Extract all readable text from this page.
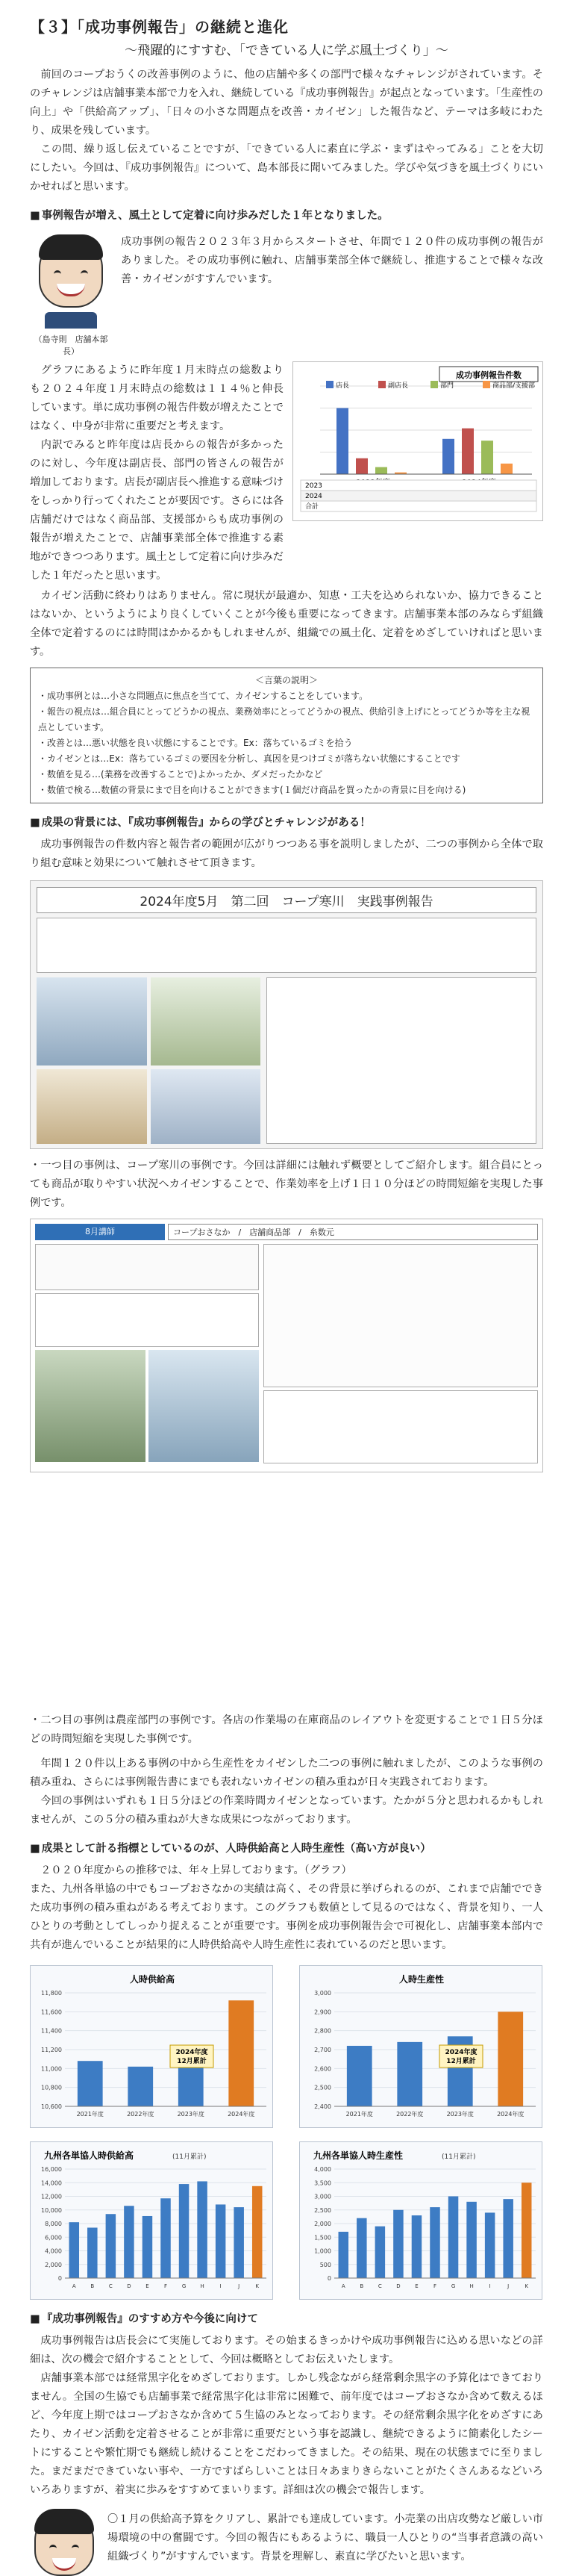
【３】「成功事例報告」の継続と進化
～飛躍的にすすむ、「できている人に学ぶ風土づくり」～

　前回のコープおうくの改善事例のように、他の店舗や多くの部門で様々なチャレンジがされています。そのチャレンジは店舗事業本部で力を入れ、継続している『成功事例報告』が起点となっています。「生産性の向上」や「供給高アップ」、「日々の小さな問題点を改善・カイゼン」した報告など、テーマは多岐にわたり、成果を残しています。
　この間、繰り返し伝えていることですが、「できている人に素直に学ぶ・まずはやってみる」ことを大切にしたい。今回は、『成功事例報告』について、島本部長に聞いてみました。学びや気づきを風土づくりにいかせればと思います。

■ 事例報告が増え、風土として定着に向け歩みだした１年となりました。
（島寺則　店舗本部長）

成功事例の報告２０２３年３月からスタートさせ、年間で１２０件の成功事例の報告がありました。その成功事例に触れ、店舗事業部全体で継続し、推進することで様々な改善・カイゼンがすすんでいます。

　グラフにあるように昨年度１月末時点の総数よりも２０２４年度１月末時点の総数は１１４％と伸長しています。単に成功事例の報告件数が増えたことではなく、中身が非常に重要だと考えます。

　内訳でみると昨年度は店長からの報告が多かったのに対し、今年度は副店長、部門の皆さんの報告が増加しております。店長が副店長へ推進する意味づけをしっかり行ってくれたことが要因です。さらには各店舗だけではなく商品部、支援部からも成功事例の報告が増えたことで、店舗事業部全体で推進する素地ができつつあります。風土として定着に向け歩みだした１年だったと思います。

成功事例報告件数
店長	副店長	部門	商品部/支援部
2023
2024
合計

　カイゼン活動に終わりはありません。常に現状が最適か、知恵・工夫を込められないか、協力できることはないか、というようにより良くしていくことが今後も重要になってきます。店舗事業本部のみならず組織全体で定着するのには時間はかかるかもしれませんが、組織での風土化、定着をめざしていければと思います。

＜言葉の説明＞
・成功事例とは…小さな問題点に焦点を当てて、カイゼンすることをしています。
・報告の視点は…組合員にとってどうかの視点、業務効率にとってどうかの視点、供給引き上げにとってどうか等を主な視点としています。
・改善とは…悪い状態を良い状態にすることです。Ex：落ちているゴミを拾う
・カイゼンとは…Ex：落ちているゴミの要因を分析し、真因を見つけゴミが落ちない状態にすることです
・数値を見る…(業務を改善することで)よかったか、ダメだったかなど
・数値で検る…数値の背景にまで目を向けることができます(１個だけ商品を買ったかの背景に目を向ける)
■ 成果の背景には、『成功事例報告』からの学びとチャレンジがある！

　成功事例報告の件数内容と報告者の範囲が広がりつつある事を説明しましたが、二つの事例から全体で取り組む意味と効果について触れさせて頂きます。

2024年度5月　第二回　コープ寒川　実践事例報告

・一つ目の事例は、コープ寒川の事例です。今回は詳細には触れず概要としてご紹介します。組合員にとっても商品が取りやすい状況へカイゼンすることで、作業効率を上げ１日１０分ほどの時間短縮を実現した事例です。

8月講師	コープおさなか　/　店舗商品部　/　糸数元

・二つ目の事例は農産部門の事例です。各店の作業場の在庫商品のレイアウトを変更することで１日５分ほどの時間短縮を実現した事例です。

　年間１２０件以上ある事例の中から生産性をカイゼンした二つの事例に触れましたが、このような事例の積み重ね、さらには事例報告書にまでも表れないカイゼンの積み重ねが日々実践されております。
　今回の事例はいずれも１日５分ほどの作業時間カイゼンとなっています。たかが５分と思われるかもしれませんが、この５分の積み重ねが大きな成果につながっております。

■ 成果として計る指標としているのが、人時供給高と人時生産性（高い方が良い）

　２０２０年度からの推移では、年々上昇しております。（グラフ）
また、九州各単協の中でもコープおさなかの実績は高く、その背景に挙げられるのが、これまで店舗でできた成功事例の積み重ねがある考えております。このグラフも数値として見るのではなく、背景を知り、一人ひとりの考動としてしっかり捉えることが重要です。事例を成功事例報告会で可視化し、店舗事業本部内で共有が進んでいることが結果的に人時供給高や人時生産性に表れているのだと思います。

人時供給高
10,600
10,800
11,000
11,200
11,400
11,600
11,800
2021年度	2022年度	2023年度	2024年度
2024年度
12月累計
人時生産性
2,400
2,500
2,600
2,700
2,800
2,900
3,000
2021年度	2022年度	2023年度	2024年度
2024年度
12月累計
九州各単協人時供給高	(11月累計)
0
2,000
4,000
6,000
8,000
10,000
12,000
14,000
16,000
A	B	C	D	E	F	G	H	I	J	K
九州各単協人時生産性	(11月累計)
0
500
1,000
1,500
2,000
2,500
3,000
3,500
4,000
A	B	C	D	E	F	G	H	I	J	K
■ 『成功事例報告』のすすめ方や今後に向けて

　成功事例報告は店長会にて実施しております。その始まるきっかけや成功事例報告に込める思いなどの詳細は、次の機会で紹介することとして、今回は概略としてお伝えいたします。

　店舗事業本部では経常黒字化をめざしております。しかし残念ながら経常剰余黒字の予算化はできておりません。全国の生協でも店舗事業で経常黒字化は非常に困難で、前年度ではコープおさなか含めて数えるほど、今年度上期ではコープおさなか含めて５生協のみとなっております。その経常剰余黒字化をめざすにあたり、カイゼン活動を定着させることが非常に重要だという事を認識し、継続できるように簡素化したシートにすることや繁忙期でも継続し続けることをこだわってきました。その結果、現在の状態までに至りました。まだまだできていない事や、一方ですばらしいことは日々あまりきらないことがたくさんあるなどいろいろありますが、着実に歩みをすすめてまいります。詳細は次の機会で報告します。

〇１月の供給高予算をクリアし、累計でも達成しています。小売業の出店攻勢など厳しい市場環境の中の奮闘です。今回の報告にもあるように、職員一人ひとりの“当事者意識の高い組織づくり”がすすんでいます。背景を理解し、素直に学びたいと思います。
